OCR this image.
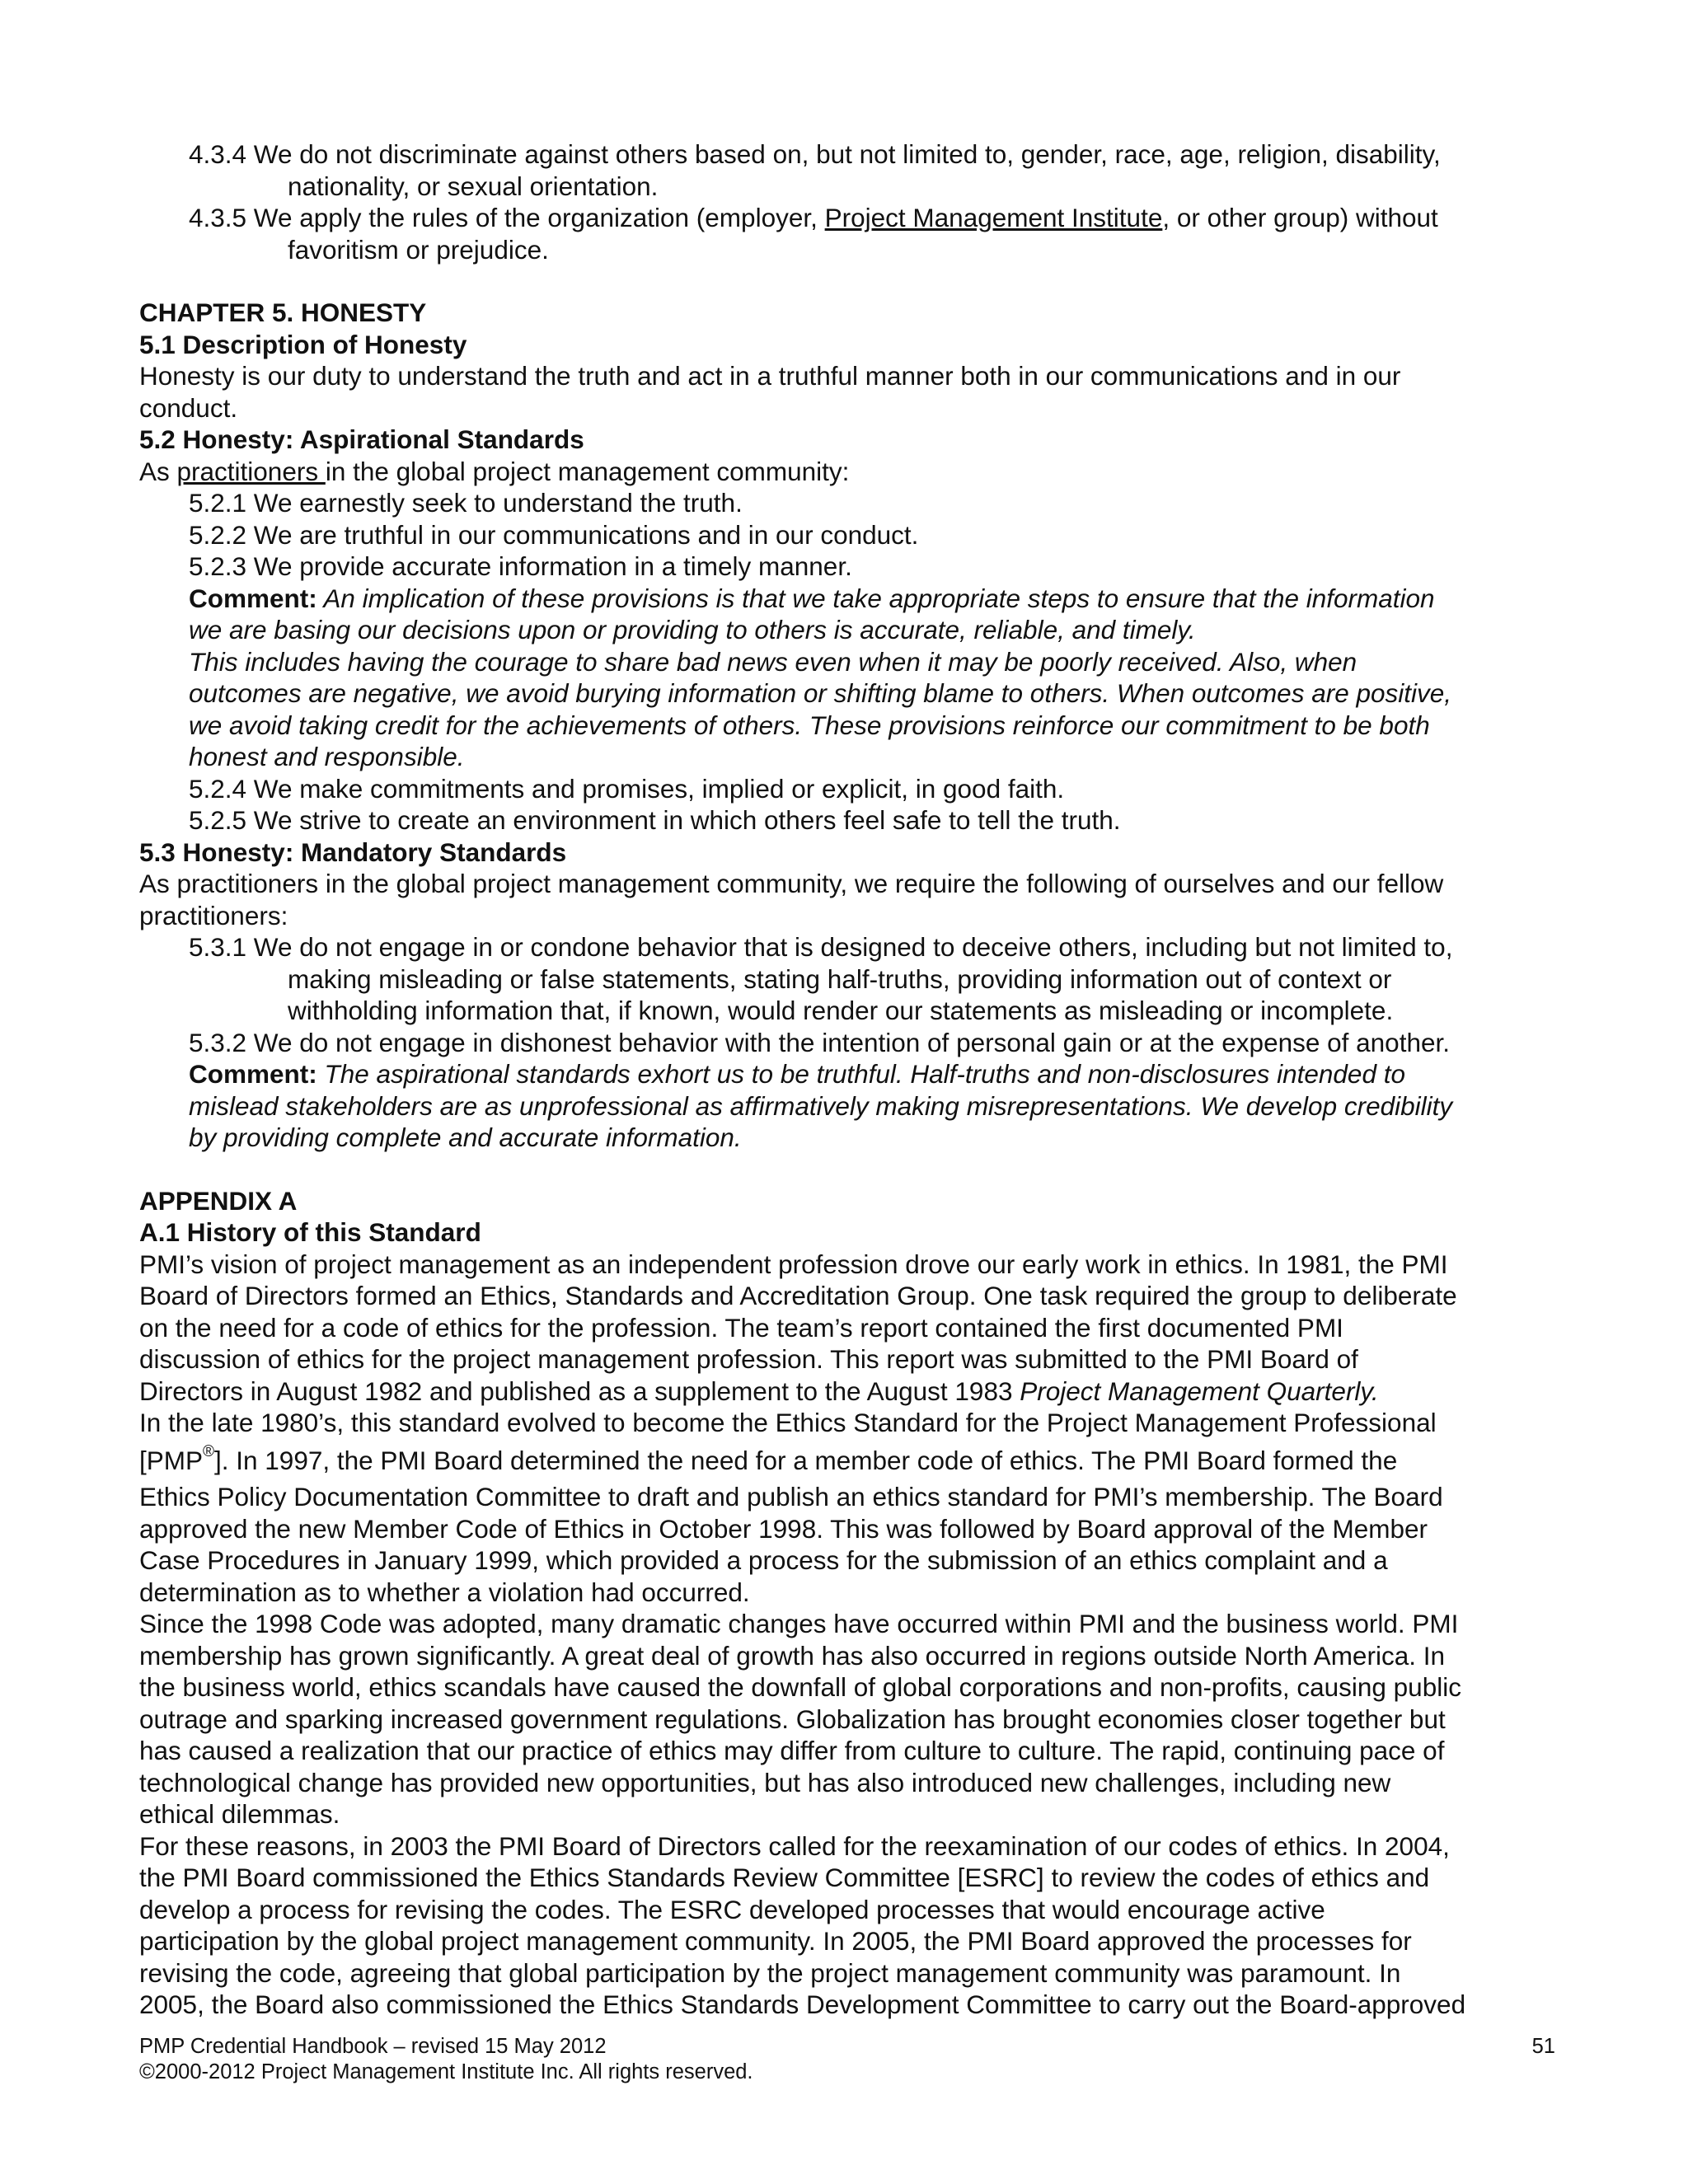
4.3.4 We do not discriminate against others based on, but not limited to, gender, race, age, religion, disability,
nationality, or sexual orientation.
4.3.5 We apply the rules of the organization (employer, Project Management Institute, or other group) without
favoritism or prejudice.
CHAPTER 5. HONESTY
5.1 Description of Honesty
Honesty is our duty to understand the truth and act in a truthful manner both in our communications and in our
conduct.
5.2 Honesty: Aspirational Standards
As practitioners in the global project management community:
5.2.1 We earnestly seek to understand the truth.
5.2.2 We are truthful in our communications and in our conduct.
5.2.3 We provide accurate information in a timely manner.
Comment: An implication of these provisions is that we take appropriate steps to ensure that the information
we are basing our decisions upon or providing to others is accurate, reliable, and timely.
This includes having the courage to share bad news even when it may be poorly received. Also, when
outcomes are negative, we avoid burying information or shifting blame to others. When outcomes are positive,
we avoid taking credit for the achievements of others. These provisions reinforce our commitment to be both
honest and responsible.
5.2.4 We make commitments and promises, implied or explicit, in good faith.
5.2.5 We strive to create an environment in which others feel safe to tell the truth.
5.3 Honesty: Mandatory Standards
As practitioners in the global project management community, we require the following of ourselves and our fellow
practitioners:
5.3.1 We do not engage in or condone behavior that is designed to deceive others, including but not limited to,
making misleading or false statements, stating half-truths, providing information out of context or
withholding information that, if known, would render our statements as misleading or incomplete.
5.3.2 We do not engage in dishonest behavior with the intention of personal gain or at the expense of another.
Comment: The aspirational standards exhort us to be truthful. Half-truths and non-disclosures intended to
mislead stakeholders are as unprofessional as affirmatively making misrepresentations. We develop credibility
by providing complete and accurate information.
APPENDIX A
A.1 History of this Standard
PMI’s vision of project management as an independent profession drove our early work in ethics. In 1981, the PMI
Board of Directors formed an Ethics, Standards and Accreditation Group. One task required the group to deliberate
on the need for a code of ethics for the profession. The team’s report contained the first documented PMI
discussion of ethics for the project management profession. This report was submitted to the PMI Board of
Directors in August 1982 and published as a supplement to the August 1983 Project Management Quarterly.
In the late 1980’s, this standard evolved to become the Ethics Standard for the Project Management Professional
[PMP®]. In 1997, the PMI Board determined the need for a member code of ethics. The PMI Board formed the
Ethics Policy Documentation Committee to draft and publish an ethics standard for PMI’s membership. The Board
approved the new Member Code of Ethics in October 1998. This was followed by Board approval of the Member
Case Procedures in January 1999, which provided a process for the submission of an ethics complaint and a
determination as to whether a violation had occurred.
Since the 1998 Code was adopted, many dramatic changes have occurred within PMI and the business world. PMI
membership has grown significantly. A great deal of growth has also occurred in regions outside North America. In
the business world, ethics scandals have caused the downfall of global corporations and non-profits, causing public
outrage and sparking increased government regulations. Globalization has brought economies closer together but
has caused a realization that our practice of ethics may differ from culture to culture. The rapid, continuing pace of
technological change has provided new opportunities, but has also introduced new challenges, including new
ethical dilemmas.
For these reasons, in 2003 the PMI Board of Directors called for the reexamination of our codes of ethics. In 2004,
the PMI Board commissioned the Ethics Standards Review Committee [ESRC] to review the codes of ethics and
develop a process for revising the codes. The ESRC developed processes that would encourage active
participation by the global project management community. In 2005, the PMI Board approved the processes for
revising the code, agreeing that global participation by the project management community was paramount. In
2005, the Board also commissioned the Ethics Standards Development Committee to carry out the Board-approved
PMP Credential Handbook – revised 15 May 2012	51
©2000-2012 Project Management Institute Inc. All rights reserved.
